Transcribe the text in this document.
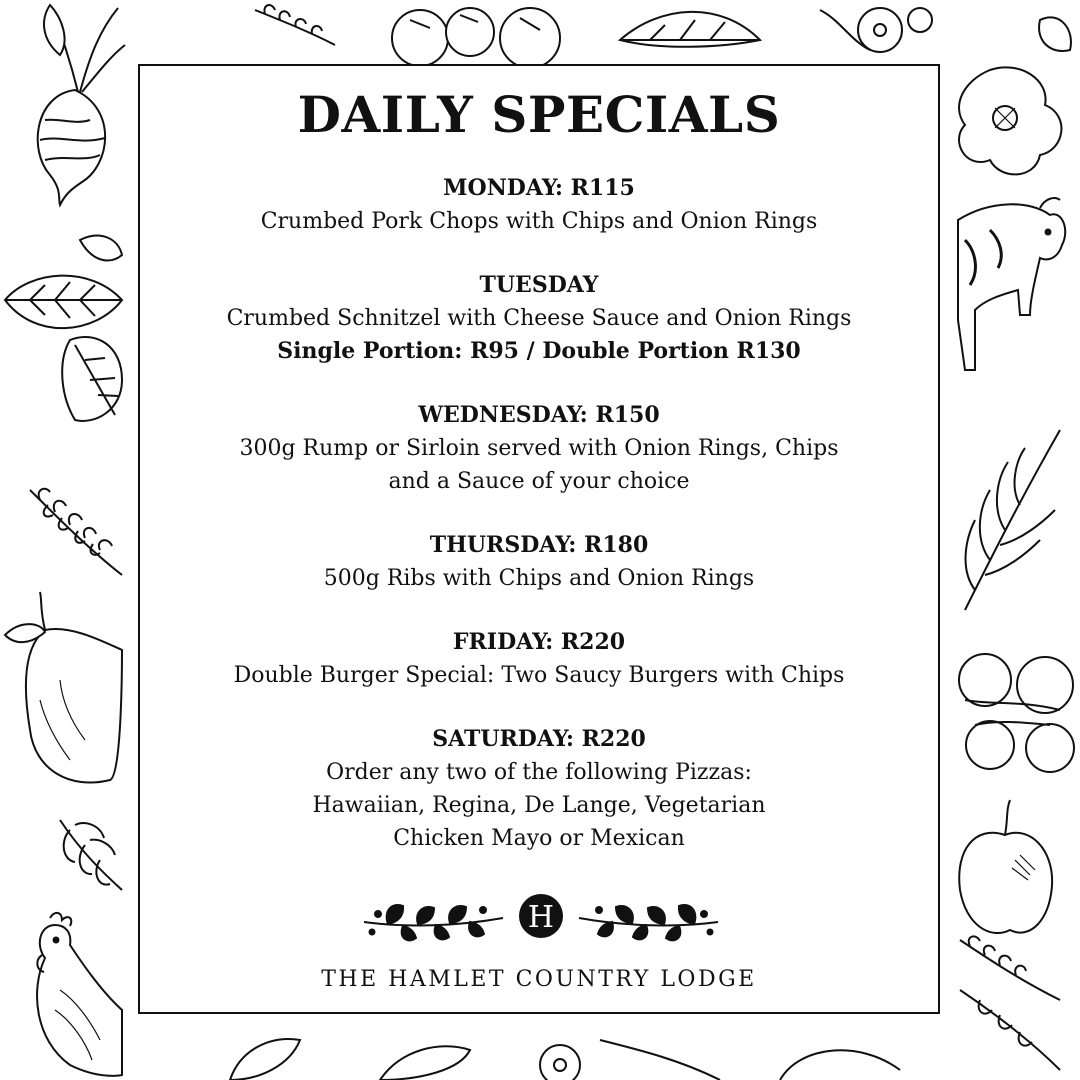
DAILY SPECIALS
MONDAY: R115
Crumbed Pork Chops with Chips and Onion Rings
TUESDAY
Crumbed Schnitzel with Cheese Sauce and Onion Rings
Single Portion: R95 / Double Portion R130
WEDNESDAY: R150
300g Rump or Sirloin served with Onion Rings, Chips
and a Sauce of your choice
THURSDAY: R180
500g Ribs with Chips and Onion Rings
FRIDAY: R220
Double Burger Special: Two Saucy Burgers with Chips
SATURDAY: R220
Order any two of the following Pizzas:
Hawaiian, Regina, De Lange, Vegetarian
Chicken Mayo or Mexican
H
THE HAMLET COUNTRY LODGE
